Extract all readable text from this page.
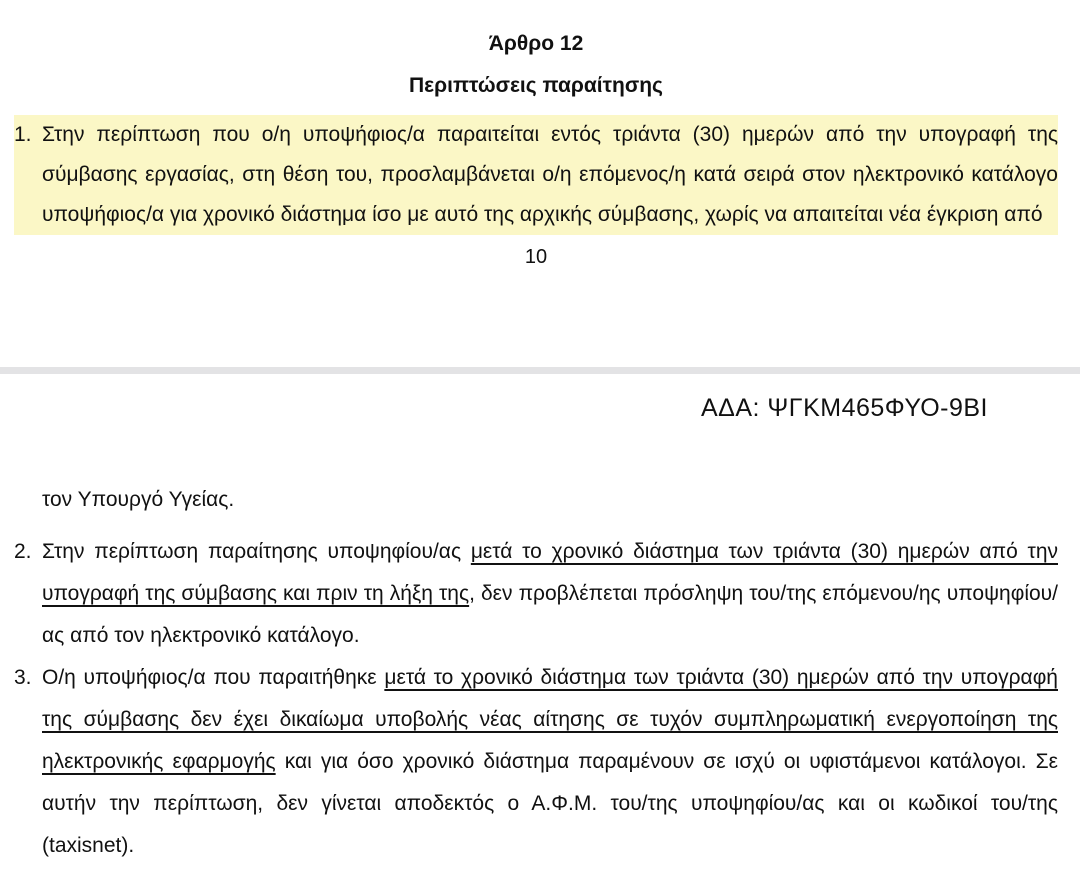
Άρθρο 12
Περιπτώσεις παραίτησης
1. Στην περίπτωση που ο/η υποψήφιος/α παραιτείται εντός τριάντα (30) ημερών από την υπογραφή της σύμβασης εργασίας, στη θέση του, προσλαμβάνεται ο/η επόμενος/η κατά σειρά στον ηλεκτρονικό κατάλογο υποψήφιος/α για χρονικό διάστημα ίσο με αυτό της αρχικής σύμβασης, χωρίς να απαιτείται νέα έγκριση από
10
ΑΔΑ: ΨΓΚΜ465ΦΥΟ-9ΒΙ
τον Υπουργό Υγείας.
2. Στην περίπτωση παραίτησης υποψηφίου/ας μετά το χρονικό διάστημα των τριάντα (30) ημερών από την υπογραφή της σύμβασης και πριν τη λήξη της, δεν προβλέπεται πρόσληψη του/της επόμενου/ης υποψηφίου/ας από τον ηλεκτρονικό κατάλογο.
3. Ο/η υποψήφιος/α που παραιτήθηκε μετά το χρονικό διάστημα των τριάντα (30) ημερών από την υπογραφή της σύμβασης δεν έχει δικαίωμα υποβολής νέας αίτησης σε τυχόν συμπληρωματική ενεργοποίηση της ηλεκτρονικής εφαρμογής και για όσο χρονικό διάστημα παραμένουν σε ισχύ οι υφιστάμενοι κατάλογοι. Σε αυτήν την περίπτωση, δεν γίνεται αποδεκτός ο Α.Φ.Μ. του/της υποψηφίου/ας και οι κωδικοί του/της (taxisnet).
